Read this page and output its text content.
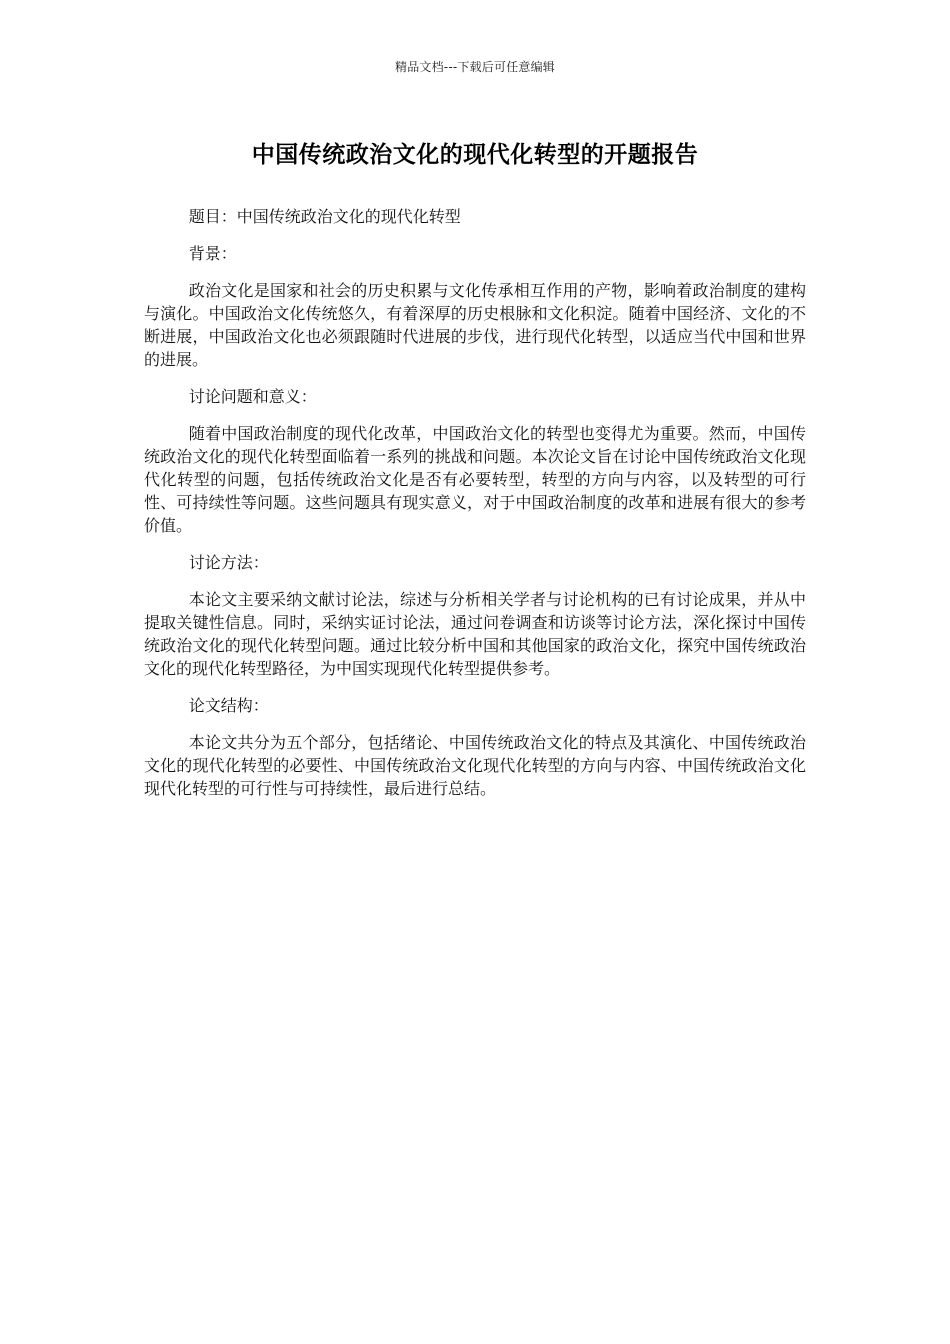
精品文档---下载后可任意编辑
中国传统政治文化的现代化转型的开题报告

题目：中国传统政治文化的现代化转型

背景：

政治文化是国家和社会的历史积累与文化传承相互作用的产物，影响着政治制度的建构与演化。中国政治文化传统悠久，有着深厚的历史根脉和文化积淀。随着中国经济、文化的不断进展，中国政治文化也必须跟随时代进展的步伐，进行现代化转型，以适应当代中国和世界的进展。

讨论问题和意义：

随着中国政治制度的现代化改革，中国政治文化的转型也变得尤为重要。然而，中国传统政治文化的现代化转型面临着一系列的挑战和问题。本次论文旨在讨论中国传统政治文化现代化转型的问题，包括传统政治文化是否有必要转型，转型的方向与内容，以及转型的可行性、可持续性等问题。这些问题具有现实意义，对于中国政治制度的改革和进展有很大的参考价值。

讨论方法：

本论文主要采纳文献讨论法，综述与分析相关学者与讨论机构的已有讨论成果，并从中提取关键性信息。同时，采纳实证讨论法，通过问卷调查和访谈等讨论方法，深化探讨中国传统政治文化的现代化转型问题。通过比较分析中国和其他国家的政治文化，探究中国传统政治文化的现代化转型路径，为中国实现现代化转型提供参考。

论文结构：

本论文共分为五个部分，包括绪论、中国传统政治文化的特点及其演化、中国传统政治文化的现代化转型的必要性、中国传统政治文化现代化转型的方向与内容、中国传统政治文化现代化转型的可行性与可持续性，最后进行总结。
